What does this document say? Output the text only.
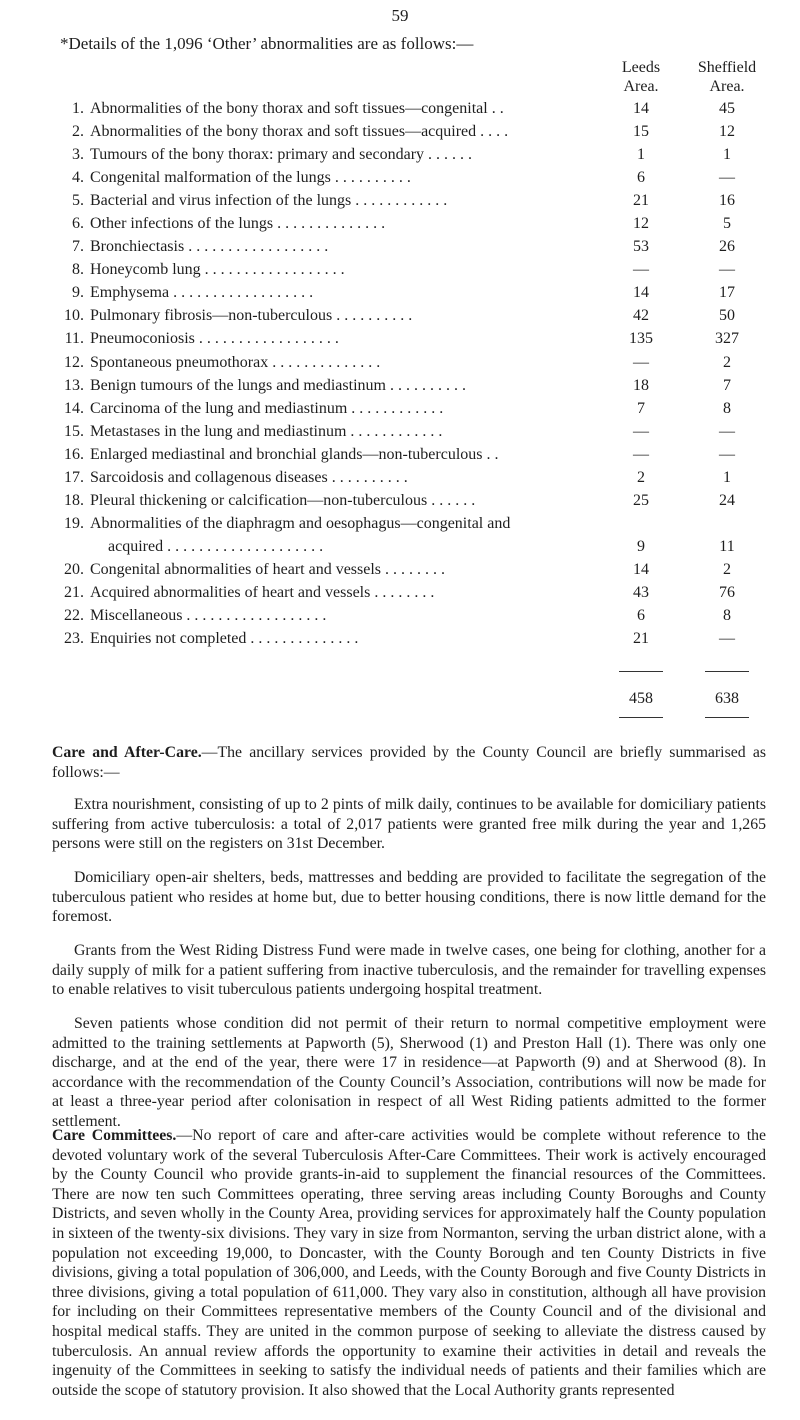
59
*Details of the 1,096 ‘Other’ abnormalities are as follows:—
Leeds
Area.
Sheffield
Area.
1. Abnormalities of the bony thorax and soft tissues—congenital . .	14	45
2. Abnormalities of the bony thorax and soft tissues—acquired . . . .	15	12
3. Tumours of the bony thorax: primary and secondary . . . . . .	1	1
4. Congenital malformation of the lungs . . . . . . . . . .	6	—
5. Bacterial and virus infection of the lungs . . . . . . . . . . . .	21	16
6. Other infections of the lungs . . . . . . . . . . . . . .	12	5
7. Bronchiectasis . . . . . . . . . . . . . . . . . .	53	26
8. Honeycomb lung . . . . . . . . . . . . . . . . . .	—	—
9. Emphysema . . . . . . . . . . . . . . . . . .	14	17
10. Pulmonary fibrosis—non-tuberculous . . . . . . . . . .	42	50
11. Pneumoconiosis . . . . . . . . . . . . . . . . . .	135	327
12. Spontaneous pneumothorax . . . . . . . . . . . . . .	—	2
13. Benign tumours of the lungs and mediastinum . . . . . . . . . .	18	7
14. Carcinoma of the lung and mediastinum . . . . . . . . . . . .	7	8
15. Metastases in the lung and mediastinum . . . . . . . . . . . .	—	—
16. Enlarged mediastinal and bronchial glands—non-tuberculous . .	—	—
17. Sarcoidosis and collagenous diseases . . . . . . . . . .	2	1
18. Pleural thickening or calcification—non-tuberculous . . . . . .	25	24
19. Abnormalities of the diaphragm and oesophagus—congenital and
acquired . . . . . . . . . . . . . . . . . . . .	9	11
20. Congenital abnormalities of heart and vessels . . . . . . . .	14	2
21. Acquired abnormalities of heart and vessels . . . . . . . .	43	76
22. Miscellaneous . . . . . . . . . . . . . . . . . .	6	8
23. Enquiries not completed . . . . . . . . . . . . . .	21	—
458	638

Care and After-Care.—The ancillary services provided by the County Council are briefly summarised as follows:—

Extra nourishment, consisting of up to 2 pints of milk daily, continues to be available for domiciliary patients suffering from active tuberculosis: a total of 2,017 patients were granted free milk during the year and 1,265 persons were still on the registers on 31st December.

Domiciliary open-air shelters, beds, mattresses and bedding are provided to facilitate the segregation of the tuberculous patient who resides at home but, due to better housing conditions, there is now little demand for the foremost.

Grants from the West Riding Distress Fund were made in twelve cases, one being for clothing, another for a daily supply of milk for a patient suffering from inactive tuberculosis, and the remainder for travelling expenses to enable relatives to visit tuberculous patients undergoing hospital treatment.

Seven patients whose condition did not permit of their return to normal competitive employment were admitted to the training settlements at Papworth (5), Sherwood (1) and Preston Hall (1). There was only one discharge, and at the end of the year, there were 17 in residence—at Papworth (9) and at Sherwood (8). In accordance with the recommendation of the County Council’s Association, contributions will now be made for at least a three-year period after colonisation in respect of all West Riding patients admitted to the former settlement.

Care Committees.—No report of care and after-care activities would be complete without reference to the devoted voluntary work of the several Tuberculosis After-Care Committees. Their work is actively encouraged by the County Council who provide grants-in-aid to supplement the financial resources of the Committees. There are now ten such Committees operating, three serving areas including County Boroughs and County Districts, and seven wholly in the County Area, providing services for approximately half the County population in sixteen of the twenty-six divisions. They vary in size from Normanton, serving the urban district alone, with a population not exceeding 19,000, to Doncaster, with the County Borough and ten County Districts in five divisions, giving a total population of 306,000, and Leeds, with the County Borough and five County Districts in three divisions, giving a total population of 611,000. They vary also in constitution, although all have provision for including on their Committees representative members of the County Council and of the divisional and hospital medical staffs. They are united in the common purpose of seeking to alleviate the distress caused by tuberculosis. An annual review affords the opportunity to examine their activities in detail and reveals the ingenuity of the Committees in seeking to satisfy the individual needs of patients and their families which are outside the scope of statutory provision. It also showed that the Local Authority grants represented
